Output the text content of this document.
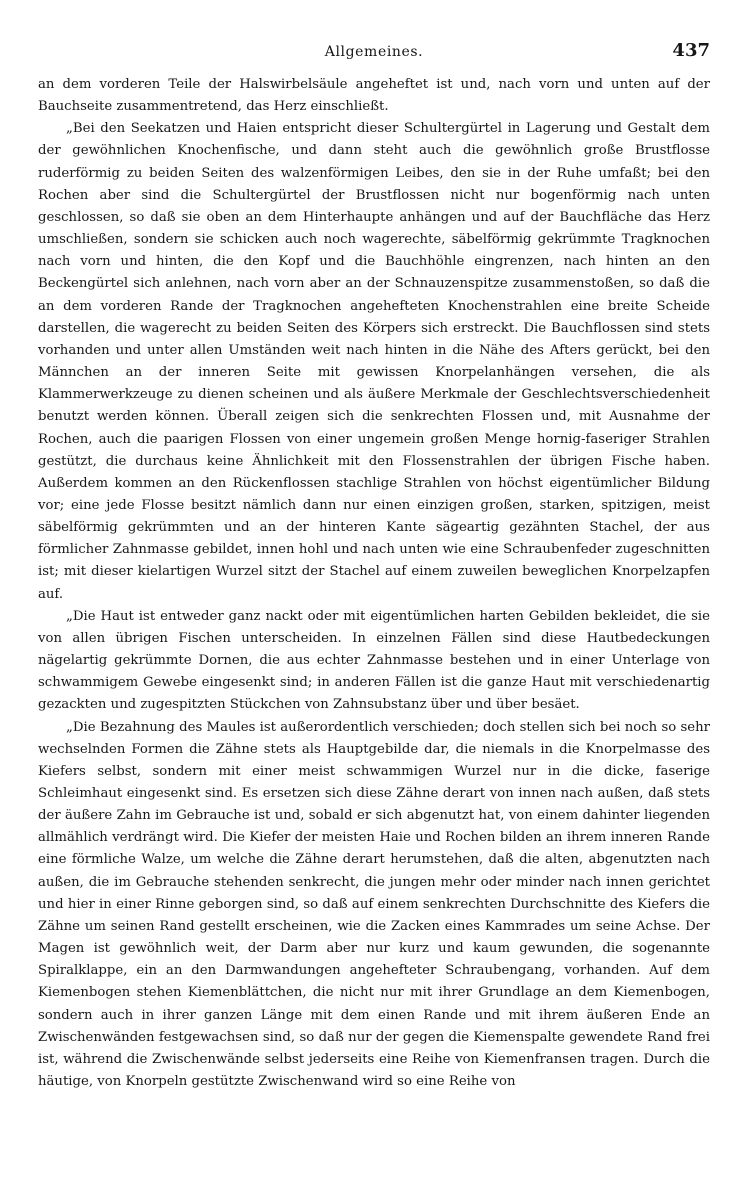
Allgemeines.	437

an dem vorderen Teile der Halswirbelsäule angeheftet ist und, nach vorn und unten auf der Bauchseite zusammentretend, das Herz einschließt.

„Bei den Seekatzen und Haien entspricht dieser Schultergürtel in Lagerung und Gestalt dem der gewöhnlichen Knochenfische, und dann steht auch die gewöhnlich große Brustflosse ruderförmig zu beiden Seiten des walzenförmigen Leibes, den sie in der Ruhe umfaßt; bei den Rochen aber sind die Schultergürtel der Brustflossen nicht nur bogenförmig nach unten geschlossen, so daß sie oben an dem Hinterhaupte anhängen und auf der Bauchfläche das Herz umschließen, sondern sie schicken auch noch wagerechte, säbelförmig gekrümmte Tragknochen nach vorn und hinten, die den Kopf und die Bauchhöhle eingrenzen, nach hinten an den Beckengürtel sich anlehnen, nach vorn aber an der Schnauzenspitze zusammenstoßen, so daß die an dem vorderen Rande der Tragknochen angehefteten Knochenstrahlen eine breite Scheide darstellen, die wagerecht zu beiden Seiten des Körpers sich erstreckt. Die Bauchflossen sind stets vorhanden und unter allen Umständen weit nach hinten in die Nähe des Afters gerückt, bei den Männchen an der inneren Seite mit gewissen Knorpelanhängen versehen, die als Klammerwerkzeuge zu dienen scheinen und als äußere Merkmale der Geschlechtsverschiedenheit benutzt werden können. Überall zeigen sich die senkrechten Flossen und, mit Ausnahme der Rochen, auch die paarigen Flossen von einer ungemein großen Menge hornig-faseriger Strahlen gestützt, die durchaus keine Ähnlichkeit mit den Flossenstrahlen der übrigen Fische haben. Außerdem kommen an den Rückenflossen stachlige Strahlen von höchst eigentümlicher Bildung vor; eine jede Flosse besitzt nämlich dann nur einen einzigen großen, starken, spitzigen, meist säbelförmig gekrümmten und an der hinteren Kante sägeartig gezähnten Stachel, der aus förmlicher Zahnmasse gebildet, innen hohl und nach unten wie eine Schraubenfeder zugeschnitten ist; mit dieser kielartigen Wurzel sitzt der Stachel auf einem zuweilen beweglichen Knorpelzapfen auf.

„Die Haut ist entweder ganz nackt oder mit eigentümlichen harten Gebilden bekleidet, die sie von allen übrigen Fischen unterscheiden. In einzelnen Fällen sind diese Hautbedeckungen nägelartig gekrümmte Dornen, die aus echter Zahnmasse bestehen und in einer Unterlage von schwammigem Gewebe eingesenkt sind; in anderen Fällen ist die ganze Haut mit verschiedenartig gezackten und zugespitzten Stückchen von Zahnsubstanz über und über besäet.

„Die Bezahnung des Maules ist außerordentlich verschieden; doch stellen sich bei noch so sehr wechselnden Formen die Zähne stets als Hauptgebilde dar, die niemals in die Knorpelmasse des Kiefers selbst, sondern mit einer meist schwammigen Wurzel nur in die dicke, faserige Schleimhaut eingesenkt sind. Es ersetzen sich diese Zähne derart von innen nach außen, daß stets der äußere Zahn im Gebrauche ist und, sobald er sich abgenutzt hat, von einem dahinter liegenden allmählich verdrängt wird. Die Kiefer der meisten Haie und Rochen bilden an ihrem inneren Rande eine förmliche Walze, um welche die Zähne derart herumstehen, daß die alten, abgenutzten nach außen, die im Gebrauche stehenden senkrecht, die jungen mehr oder minder nach innen gerichtet und hier in einer Rinne geborgen sind, so daß auf einem senkrechten Durchschnitte des Kiefers die Zähne um seinen Rand gestellt erscheinen, wie die Zacken eines Kammrades um seine Achse. Der Magen ist gewöhnlich weit, der Darm aber nur kurz und kaum gewunden, die sogenannte Spiralklappe, ein an den Darmwandungen angehefteter Schraubengang, vorhanden. Auf dem Kiemenbogen stehen Kiemenblättchen, die nicht nur mit ihrer Grundlage an dem Kiemenbogen, sondern auch in ihrer ganzen Länge mit dem einen Rande und mit ihrem äußeren Ende an Zwischenwänden festgewachsen sind, so daß nur der gegen die Kiemenspalte gewendete Rand frei ist, während die Zwischenwände selbst jederseits eine Reihe von Kiemenfransen tragen. Durch die häutige, von Knorpeln gestützte Zwischenwand wird so eine Reihe von
